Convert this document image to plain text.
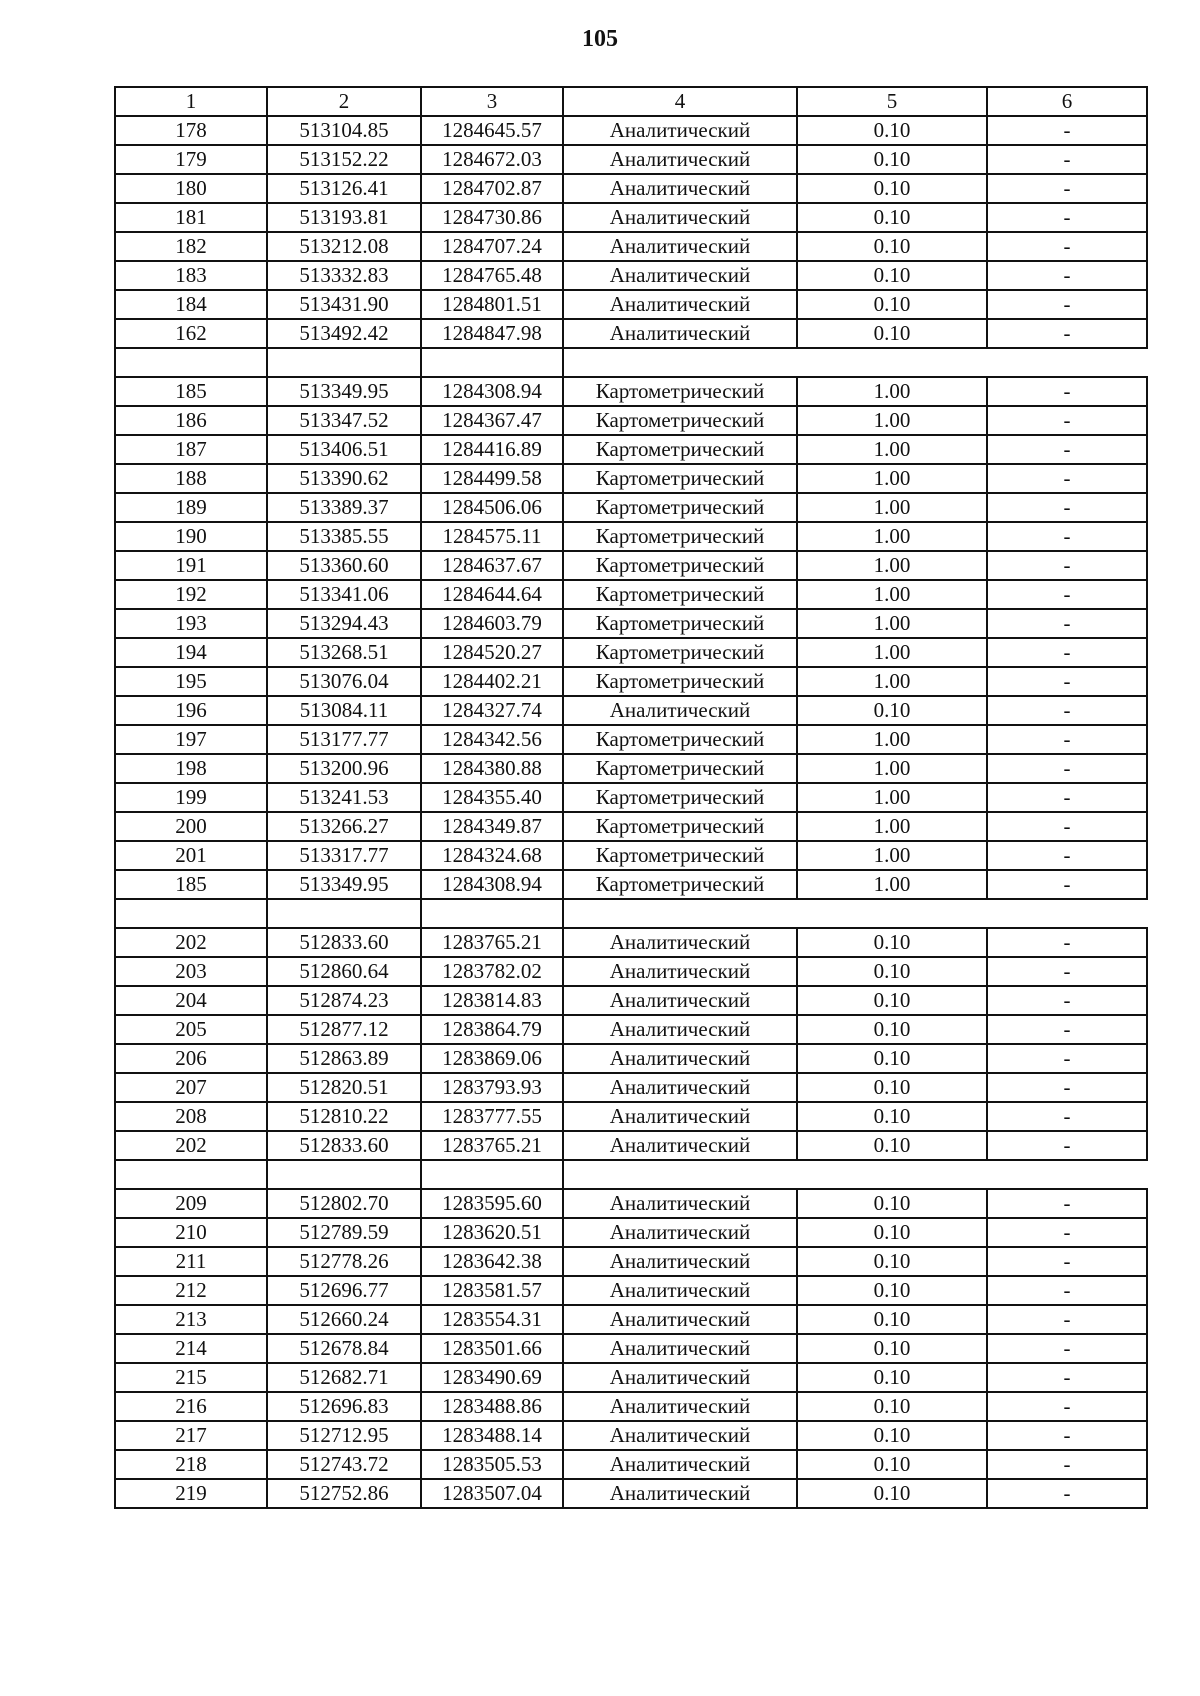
105
1	2	3	4	5	6
178	513104.85	1284645.57	Аналитический	0.10	-
179	513152.22	1284672.03	Аналитический	0.10	-
180	513126.41	1284702.87	Аналитический	0.10	-
181	513193.81	1284730.86	Аналитический	0.10	-
182	513212.08	1284707.24	Аналитический	0.10	-
183	513332.83	1284765.48	Аналитический	0.10	-
184	513431.90	1284801.51	Аналитический	0.10	-
162	513492.42	1284847.98	Аналитический	0.10	-

185	513349.95	1284308.94	Картометрический	1.00	-
186	513347.52	1284367.47	Картометрический	1.00	-
187	513406.51	1284416.89	Картометрический	1.00	-
188	513390.62	1284499.58	Картометрический	1.00	-
189	513389.37	1284506.06	Картометрический	1.00	-
190	513385.55	1284575.11	Картометрический	1.00	-
191	513360.60	1284637.67	Картометрический	1.00	-
192	513341.06	1284644.64	Картометрический	1.00	-
193	513294.43	1284603.79	Картометрический	1.00	-
194	513268.51	1284520.27	Картометрический	1.00	-
195	513076.04	1284402.21	Картометрический	1.00	-
196	513084.11	1284327.74	Аналитический	0.10	-
197	513177.77	1284342.56	Картометрический	1.00	-
198	513200.96	1284380.88	Картометрический	1.00	-
199	513241.53	1284355.40	Картометрический	1.00	-
200	513266.27	1284349.87	Картометрический	1.00	-
201	513317.77	1284324.68	Картометрический	1.00	-
185	513349.95	1284308.94	Картометрический	1.00	-

202	512833.60	1283765.21	Аналитический	0.10	-
203	512860.64	1283782.02	Аналитический	0.10	-
204	512874.23	1283814.83	Аналитический	0.10	-
205	512877.12	1283864.79	Аналитический	0.10	-
206	512863.89	1283869.06	Аналитический	0.10	-
207	512820.51	1283793.93	Аналитический	0.10	-
208	512810.22	1283777.55	Аналитический	0.10	-
202	512833.60	1283765.21	Аналитический	0.10	-

209	512802.70	1283595.60	Аналитический	0.10	-
210	512789.59	1283620.51	Аналитический	0.10	-
211	512778.26	1283642.38	Аналитический	0.10	-
212	512696.77	1283581.57	Аналитический	0.10	-
213	512660.24	1283554.31	Аналитический	0.10	-
214	512678.84	1283501.66	Аналитический	0.10	-
215	512682.71	1283490.69	Аналитический	0.10	-
216	512696.83	1283488.86	Аналитический	0.10	-
217	512712.95	1283488.14	Аналитический	0.10	-
218	512743.72	1283505.53	Аналитический	0.10	-
219	512752.86	1283507.04	Аналитический	0.10	-
